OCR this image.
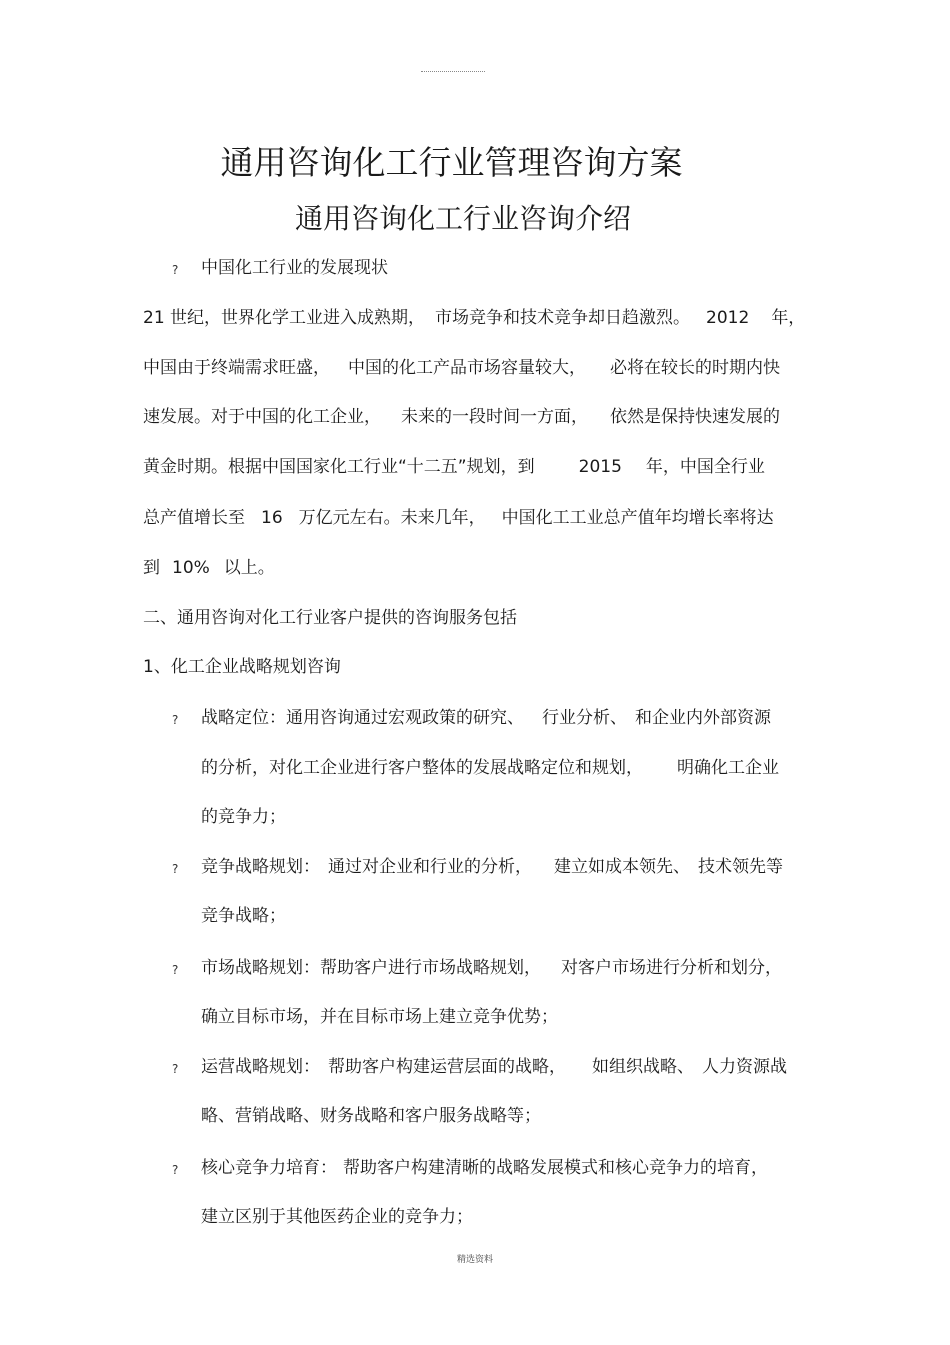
通用咨询化工行业管理咨询方案
通用咨询化工行业咨询介绍
? 中国化工行业的发展现状
21 世纪，世界化学工业进入成熟期， 市场竞争和技术竞争却日趋激烈。 2012 年，
中国由于终端需求旺盛， 中国的化工产品市场容量较大， 必将在较长的时期内快
速发展。对于中国的化工企业， 未来的一段时间一方面， 依然是保持快速发展的
黄金时期。根据中国国家化工行业“十二五”规划，到	2015 年，中国全行业
总产值增长至 16 万亿元左右。未来几年， 中国化工工业总产值年均增长率将达
到 10% 以上。
二、通用咨询对化工行业客户提供的咨询服务包括
1、化工企业战略规划咨询
? 战略定位：通用咨询通过宏观政策的研究、 行业分析、 和企业内外部资源
的分析，对化工企业进行客户整体的发展战略定位和规划， 明确化工企业
的竞争力；
? 竞争战略规划： 通过对企业和行业的分析， 建立如成本领先、 技术领先等
竞争战略；
? 市场战略规划：帮助客户进行市场战略规划， 对客户市场进行分析和划分，
确立目标市场，并在目标市场上建立竞争优势；
? 运营战略规划： 帮助客户构建运营层面的战略， 如组织战略、 人力资源战
略、营销战略、财务战略和客户服务战略等；
? 核心竞争力培育： 帮助客户构建清晰的战略发展模式和核心竞争力的培育，
建立区别于其他医药企业的竞争力；
精选资料
